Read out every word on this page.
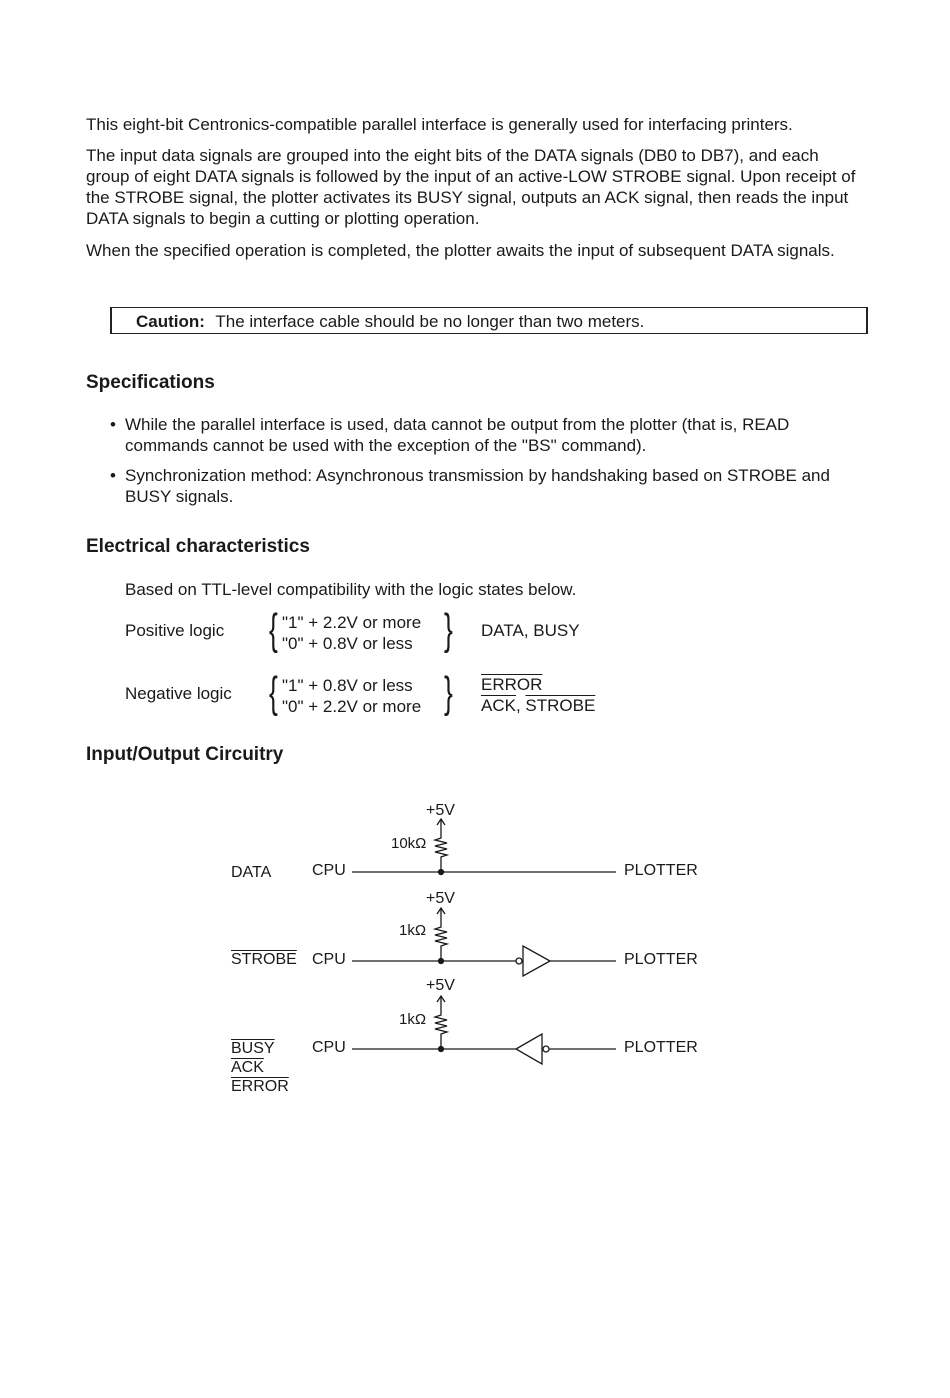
This eight-bit Centronics-compatible parallel interface is generally used for interfacing printers.

The input data signals are grouped into the eight bits of the DATA signals (DB0 to DB7), and each group of eight DATA signals is followed by the input of an active-LOW STROBE signal. Upon receipt of the STROBE signal, the plotter activates its BUSY signal, outputs an ACK signal, then reads the input DATA signals to begin a cutting or plotting operation.

When the specified operation is completed, the plotter awaits the input of subsequent DATA signals.

Caution: The interface cable should be no longer than two meters.
Specifications
• While the parallel interface is used, data cannot be output from the plotter (that is, READ commands cannot be used with the exception of the "BS" command).
• Synchronization method: Asynchronous transmission by handshaking based on STROBE and BUSY signals.
Electrical characteristics
Based on TTL-level compatibility with the logic states below.
Positive logic { "1" + 2.2V or more
"0" + 0.8V or less } DATA, BUSY
Negative logic { "1" + 0.8V or less
"0" + 2.2V or more } ERROR
$\overline{ACK}$, STROBE
Input/Output Circuitry
+5V
10kΩ
DATA	CPU	PLOTTER
+5V
1kΩ
STROBE CPU	PLOTTER
+5V
1kΩ
BUSY
$\overline{ACK}$
ERROR
CPU	PLOTTER
